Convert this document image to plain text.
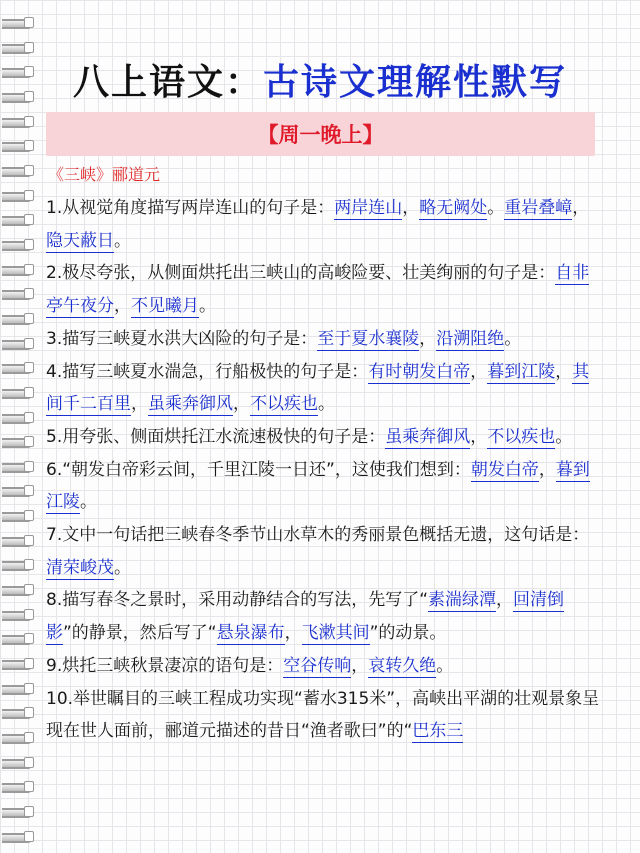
八上语文：古诗文理解性默写
【周一晚上】
《三峡》郦道元

1.从视觉角度描写两岸连山的句子是：两岸连山，略无阙处。重岩叠嶂，隐天蔽日。

2.极尽夸张，从侧面烘托出三峡山的高峻险要、壮美绚丽的句子是：自非亭午夜分，不见曦月。

3.描写三峡夏水洪大凶险的句子是：至于夏水襄陵，沿溯阻绝。

4.描写三峡夏水湍急，行船极快的句子是：有时朝发白帝，暮到江陵，其间千二百里，虽乘奔御风，不以疾也。

5.用夸张、侧面烘托江水流速极快的句子是：虽乘奔御风，不以疾也。

6.“朝发白帝彩云间，千里江陵一日还”，这使我们想到：朝发白帝，暮到江陵。

7.文中一句话把三峡春冬季节山水草木的秀丽景色概括无遗，这句话是：清荣峻茂。

8.描写春冬之景时，采用动静结合的写法，先写了“素湍绿潭，回清倒影”的静景，然后写了“悬泉瀑布，飞漱其间”的动景。

9.烘托三峡秋景凄凉的语句是：空谷传响，哀转久绝。

10.举世瞩目的三峡工程成功实现“蓄水315米”，高峡出平湖的壮观景象呈现在世人面前，郦道元描述的昔日“渔者歌曰”的“巴东三
